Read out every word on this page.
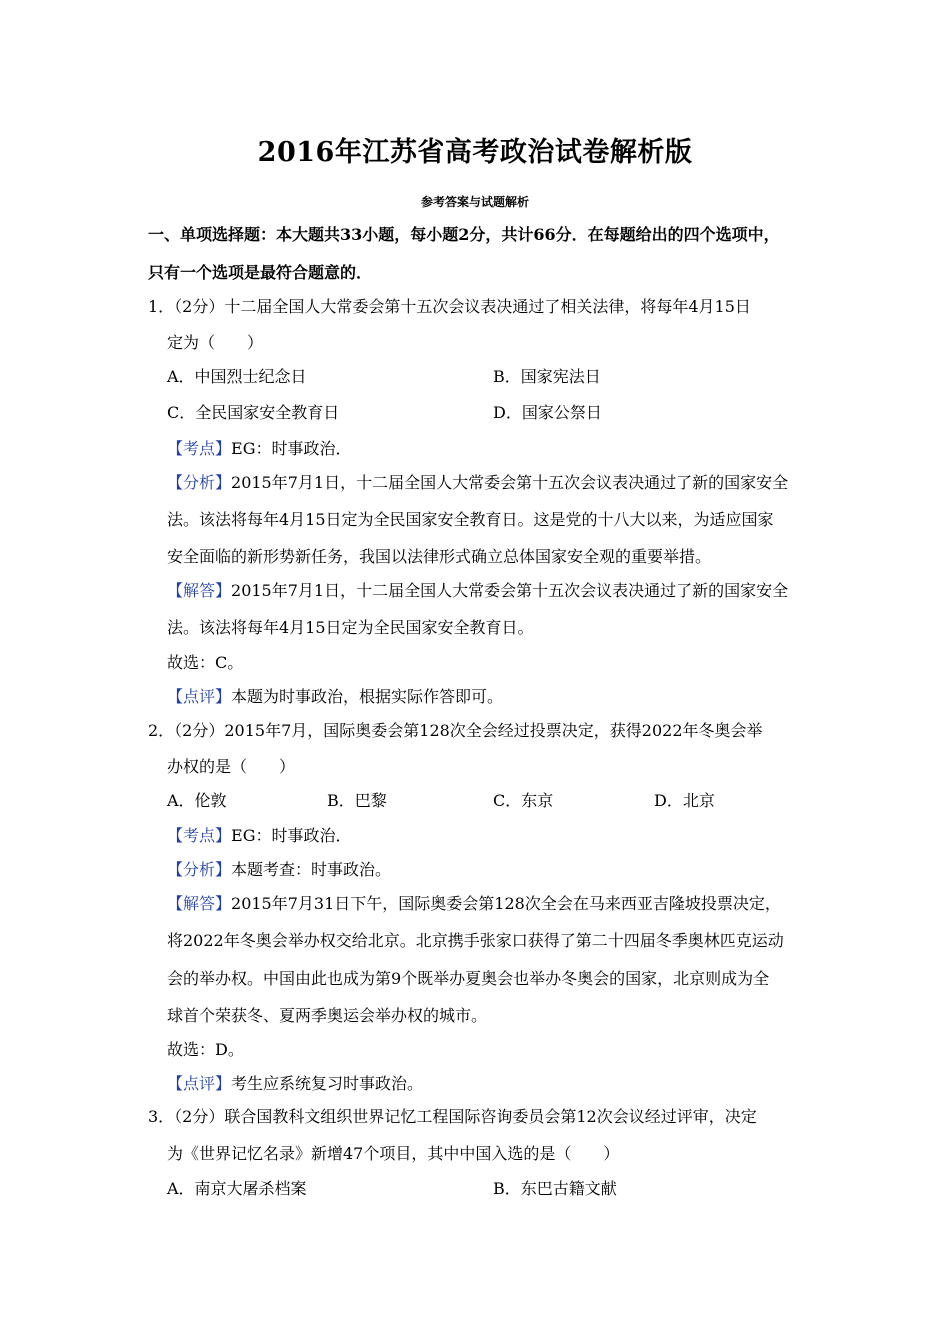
2016年江苏省高考政治试卷解析版
参考答案与试题解析
一、单项选择题：本大题共33小题，每小题2分，共计66分．在每题给出的四个选项中，
只有一个选项是最符合题意的．
1．（2分）十二届全国人大常委会第十五次会议表决通过了相关法律，将每年4月15日
定为（　　）
A．中国烈士纪念日	B．国家宪法日
C．全民国家安全教育日	D．国家公祭日
【考点】EG：时事政治．
【分析】2015年7月1日，十二届全国人大常委会第十五次会议表决通过了新的国家安全
法。该法将每年4月15日定为全民国家安全教育日。这是党的十八大以来，为适应国家
安全面临的新形势新任务，我国以法律形式确立总体国家安全观的重要举措。
【解答】2015年7月1日，十二届全国人大常委会第十五次会议表决通过了新的国家安全
法。该法将每年4月15日定为全民国家安全教育日。
故选：C。
【点评】本题为时事政治，根据实际作答即可。
2．（2分）2015年7月，国际奥委会第128次全会经过投票决定，获得2022年冬奥会举
办权的是（　　）
A．伦敦	B．巴黎	C．东京	D．北京
【考点】EG：时事政治．
【分析】本题考查：时事政治。
【解答】2015年7月31日下午，国际奥委会第128次全会在马来西亚吉隆坡投票决定，
将2022年冬奥会举办权交给北京。北京携手张家口获得了第二十四届冬季奥林匹克运动
会的举办权。中国由此也成为第9个既举办夏奥会也举办冬奥会的国家，北京则成为全
球首个荣获冬、夏两季奥运会举办权的城市。
故选：D。
【点评】考生应系统复习时事政治。
3．（2分）联合国教科文组织世界记忆工程国际咨询委员会第12次会议经过评审，决定
为《世界记忆名录》新增47个项目，其中中国入选的是（　　）
A．南京大屠杀档案	B．东巴古籍文献
